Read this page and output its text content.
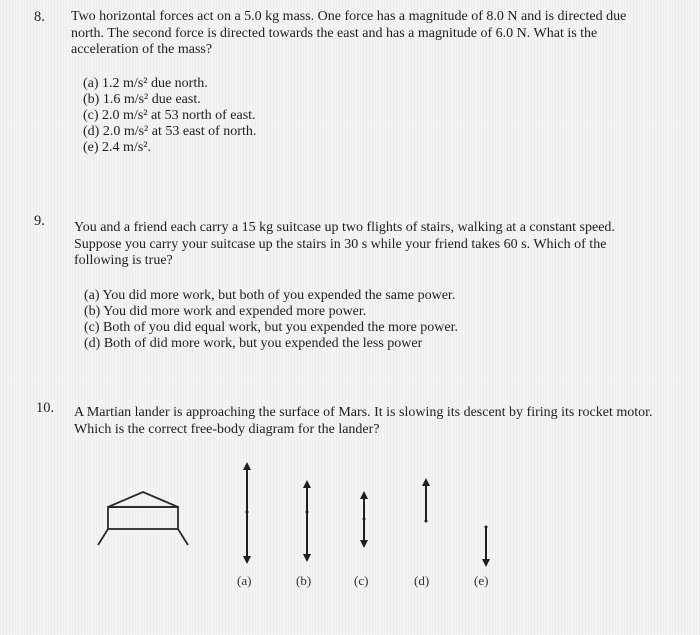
8. Two horizontal forces act on a 5.0 kg mass. One force has a magnitude of 8.0 N and is directed due north. The second force is directed towards the east and has a magnitude of 6.0 N. What is the acceleration of the mass?
(a) 1.2 m/s² due north.
(b) 1.6 m/s² due east.
(c) 2.0 m/s² at 53 north of east.
(d) 2.0 m/s² at 53 east of north.
(e) 2.4 m/s².
9. You and a friend each carry a 15 kg suitcase up two flights of stairs, walking at a constant speed. Suppose you carry your suitcase up the stairs in 30 s while your friend takes 60 s. Which of the following is true?
(a) You did more work, but both of you expended the same power.
(b) You did more work and expended more power.
(c) Both of you did equal work, but you expended the more power.
(d) Both of did more work, but you expended the less power
10. A Martian lander is approaching the surface of Mars. It is slowing its descent by firing its rocket motor. Which is the correct free-body diagram for the lander?
(a)	(b)	(c)	(d)	(e)
